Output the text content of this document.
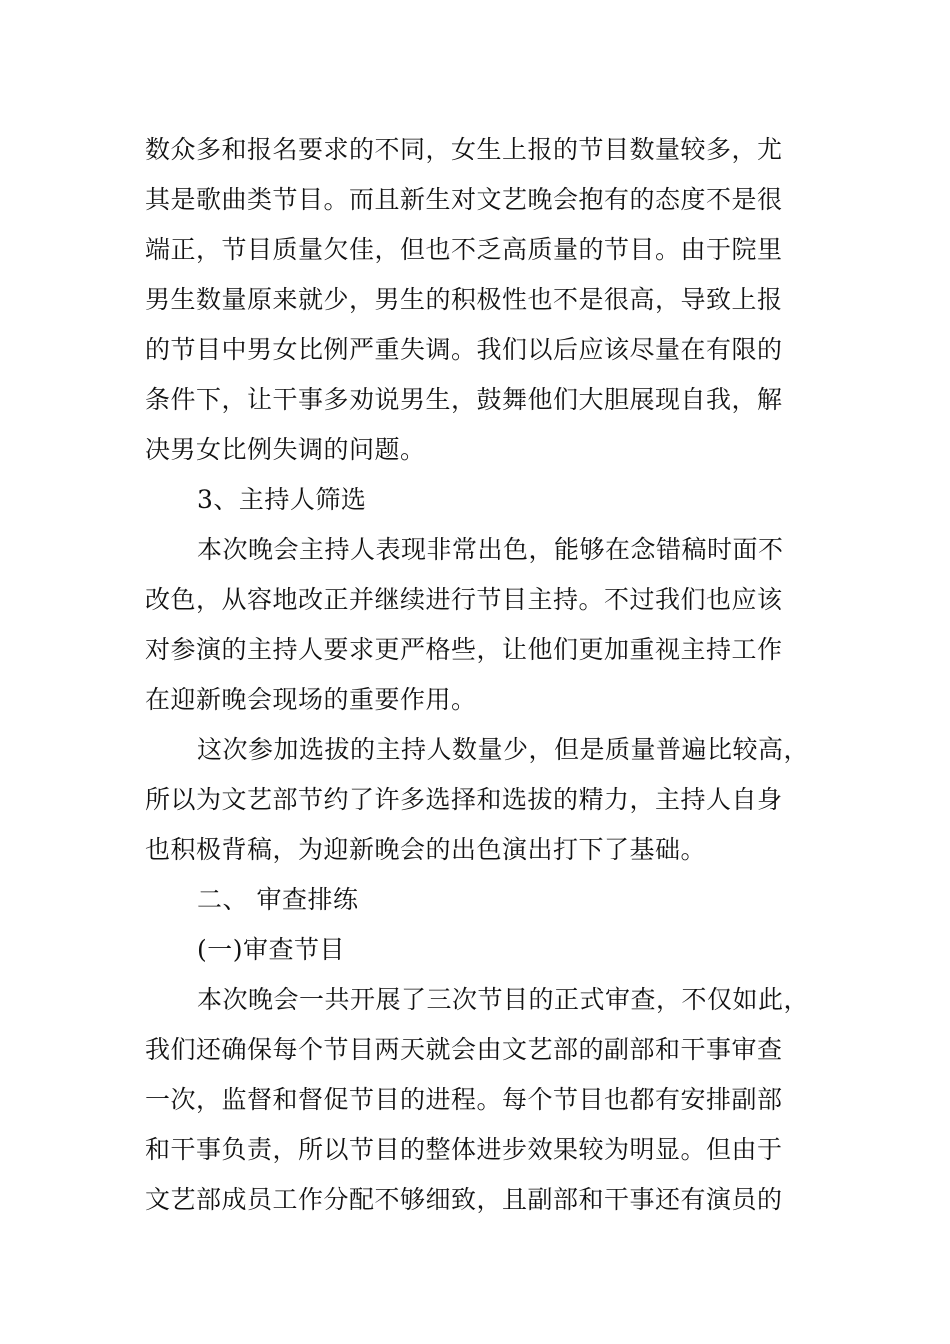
数众多和报名要求的不同，女生上报的节目数量较多，尤
其是歌曲类节目。而且新生对文艺晚会抱有的态度不是很
端正，节目质量欠佳，但也不乏高质量的节目。由于院里
男生数量原来就少，男生的积极性也不是很高，导致上报
的节目中男女比例严重失调。我们以后应该尽量在有限的
条件下，让干事多劝说男生，鼓舞他们大胆展现自我，解
决男女比例失调的问题。
3、主持人筛选
本次晚会主持人表现非常出色，能够在念错稿时面不
改色，从容地改正并继续进行节目主持。不过我们也应该
对参演的主持人要求更严格些，让他们更加重视主持工作
在迎新晚会现场的重要作用。
这次参加选拔的主持人数量少，但是质量普遍比较高，
所以为文艺部节约了许多选择和选拔的精力，主持人自身
也积极背稿，为迎新晚会的出色演出打下了基础。
二、 审查排练
(一)审查节目
本次晚会一共开展了三次节目的正式审查，不仅如此，
我们还确保每个节目两天就会由文艺部的副部和干事审查
一次，监督和督促节目的进程。每个节目也都有安排副部
和干事负责，所以节目的整体进步效果较为明显。但由于
文艺部成员工作分配不够细致，且副部和干事还有演员的
